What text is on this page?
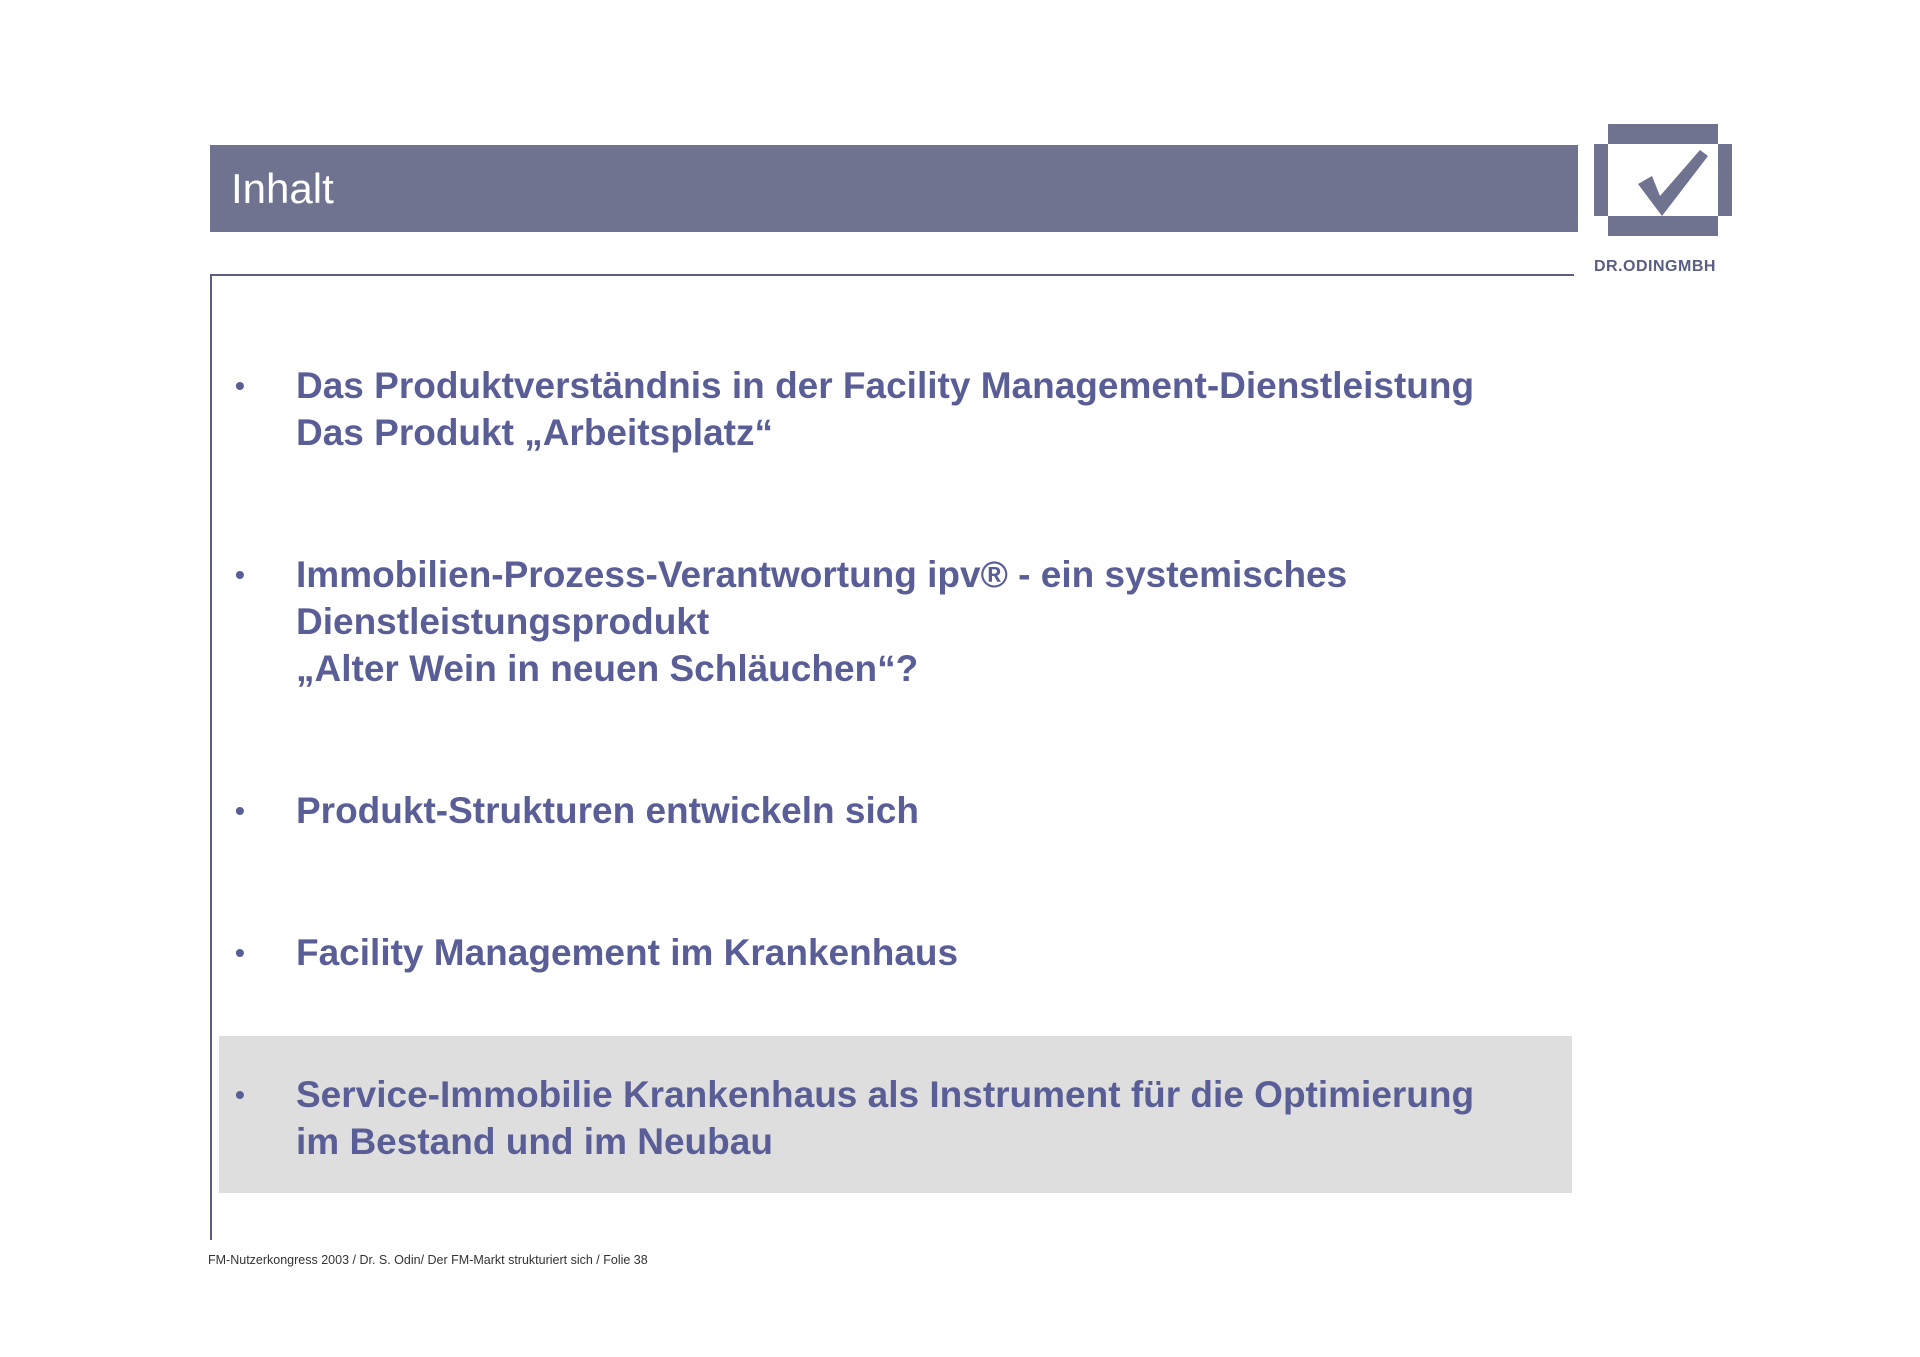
Inhalt
DR.ODINGMBH
• Das Produktverständnis in der Facility Management-Dienstleistung
Das Produkt „Arbeitsplatz“
• Immobilien-Prozess-Verantwortung ipv® - ein systemisches
Dienstleistungsprodukt
„Alter Wein in neuen Schläuchen“?
• Produkt-Strukturen entwickeln sich
• Facility Management im Krankenhaus
• Service-Immobilie Krankenhaus als Instrument für die Optimierung
im Bestand und im Neubau
FM-Nutzerkongress 2003 / Dr. S. Odin/ Der FM-Markt strukturiert sich / Folie 38
